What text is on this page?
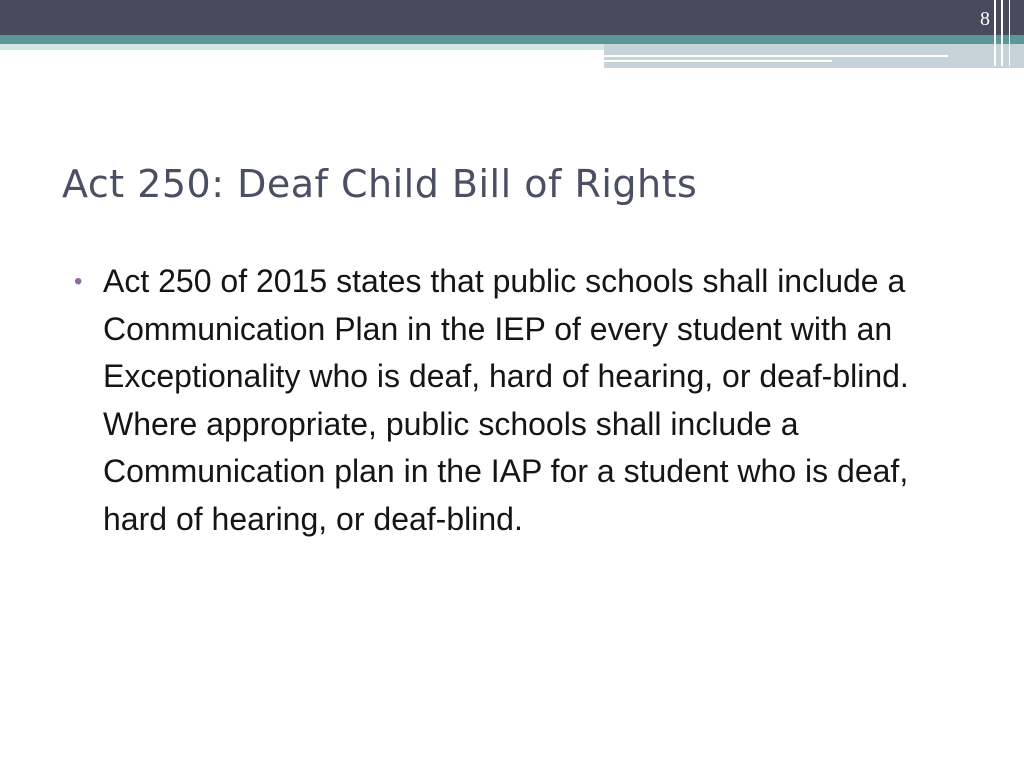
8
Act 250: Deaf Child Bill of Rights
• Act 250 of 2015 states that public schools shall include a Communication Plan in the IEP of every student with an Exceptionality who is deaf, hard of hearing, or deaf-blind. Where appropriate, public schools shall include a Communication plan in the IAP for a student who is deaf, hard of hearing, or deaf-blind.
